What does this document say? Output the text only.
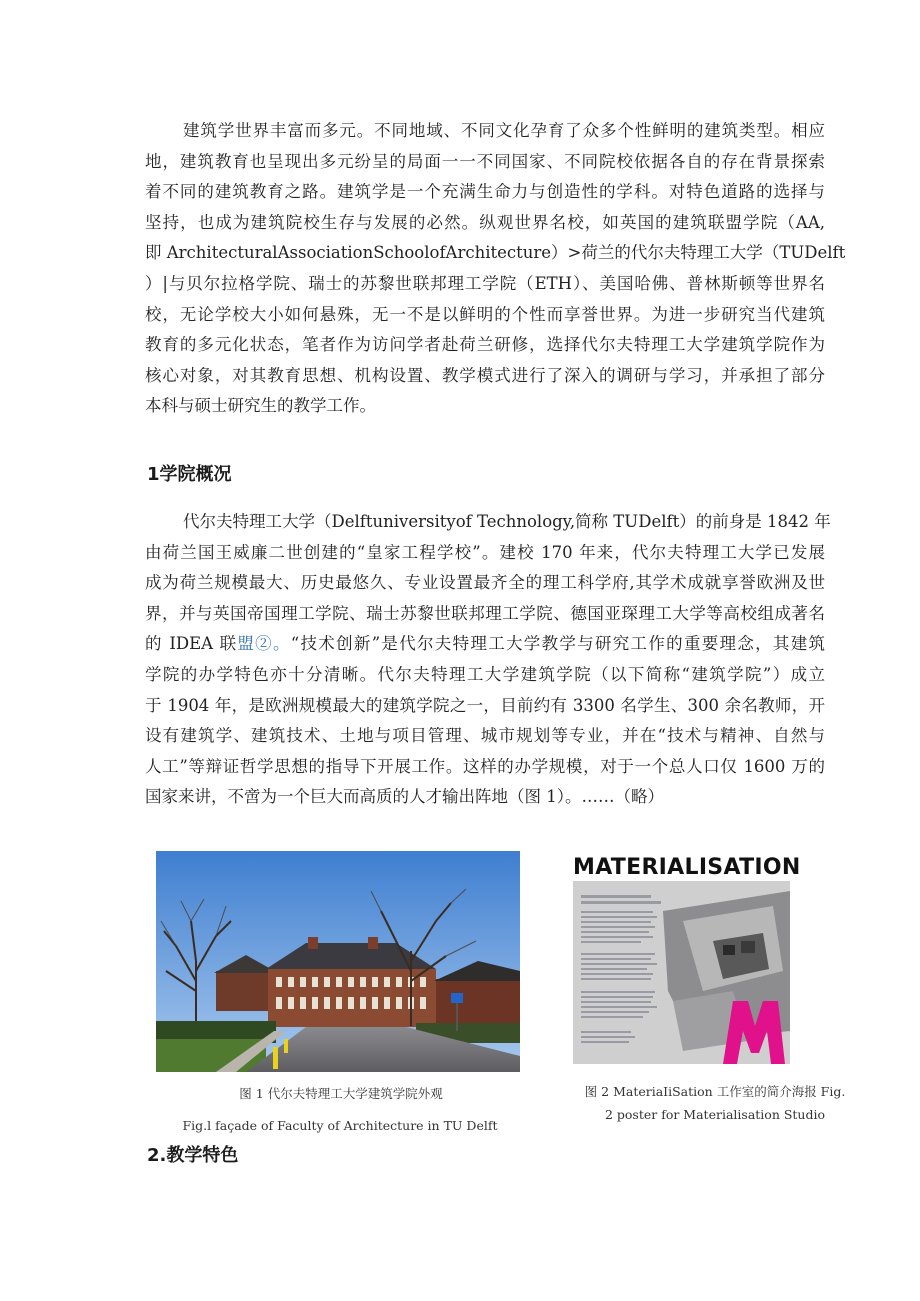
建筑学世界丰富而多元。不同地域、不同文化孕育了众多个性鲜明的建筑类型。相应
地，建筑教育也呈现出多元纷呈的局面一一不同国家、不同院校依据各自的存在背景探索
着不同的建筑教育之路。建筑学是一个充满生命力与创造性的学科。对特色道路的选择与
坚持，也成为建筑院校生存与发展的必然。纵观世界名校，如英国的建筑联盟学院（AA,
即 ArchitecturalAssociationSchoolofArchitecture）>荷兰的代尔夫特理工大学（TUDelft
）|与贝尔拉格学院、瑞士的苏黎世联邦理工学院（ETH）、美国哈佛、普林斯顿等世界名
校，无论学校大小如何悬殊，无一不是以鲜明的个性而享誉世界。为进一步研究当代建筑
教育的多元化状态，笔者作为访问学者赴荷兰研修，选择代尔夫特理工大学建筑学院作为
核心对象，对其教育思想、机构设置、教学模式进行了深入的调研与学习，并承担了部分
本科与硕士研究生的教学工作。
1学院概况
代尔夫特理工大学（Delftuniversityof Technology,简称 TUDelft）的前身是 1842 年
由荷兰国王威廉二世创建的“皇家工程学校”。建校 170 年来，代尔夫特理工大学已发展
成为荷兰规模最大、历史最悠久、专业设置最齐全的理工科学府,其学术成就享誉欧洲及世
界，并与英国帝国理工学院、瑞士苏黎世联邦理工学院、德国亚琛理工大学等高校组成著名
的 IDEA 联盟②。“技术创新”是代尔夫特理工大学教学与研究工作的重要理念，其建筑
学院的办学特色亦十分清晰。代尔夫特理工大学建筑学院（以下简称“建筑学院”）成立
于 1904 年，是欧洲规模最大的建筑学院之一，目前约有 3300 名学生、300 余名教师，开
设有建筑学、建筑技术、土地与项目管理、城市规划等专业，并在“技术与精神、自然与
人工”等辩证哲学思想的指导下开展工作。这样的办学规模，对于一个总人口仅 1600 万的
国家来讲，不啻为一个巨大而高质的人才输出阵地（图 1）。……（略）

图 1 代尔夫特理工大学建筑学院外观

Fig.l façade of Faculty of Architecture in TU Delft

MATERIALISATION

图 2 MateriaIiSation 工作室的简介海报 Fig.

2 poster for Materialisation Studio

2.教学特色
